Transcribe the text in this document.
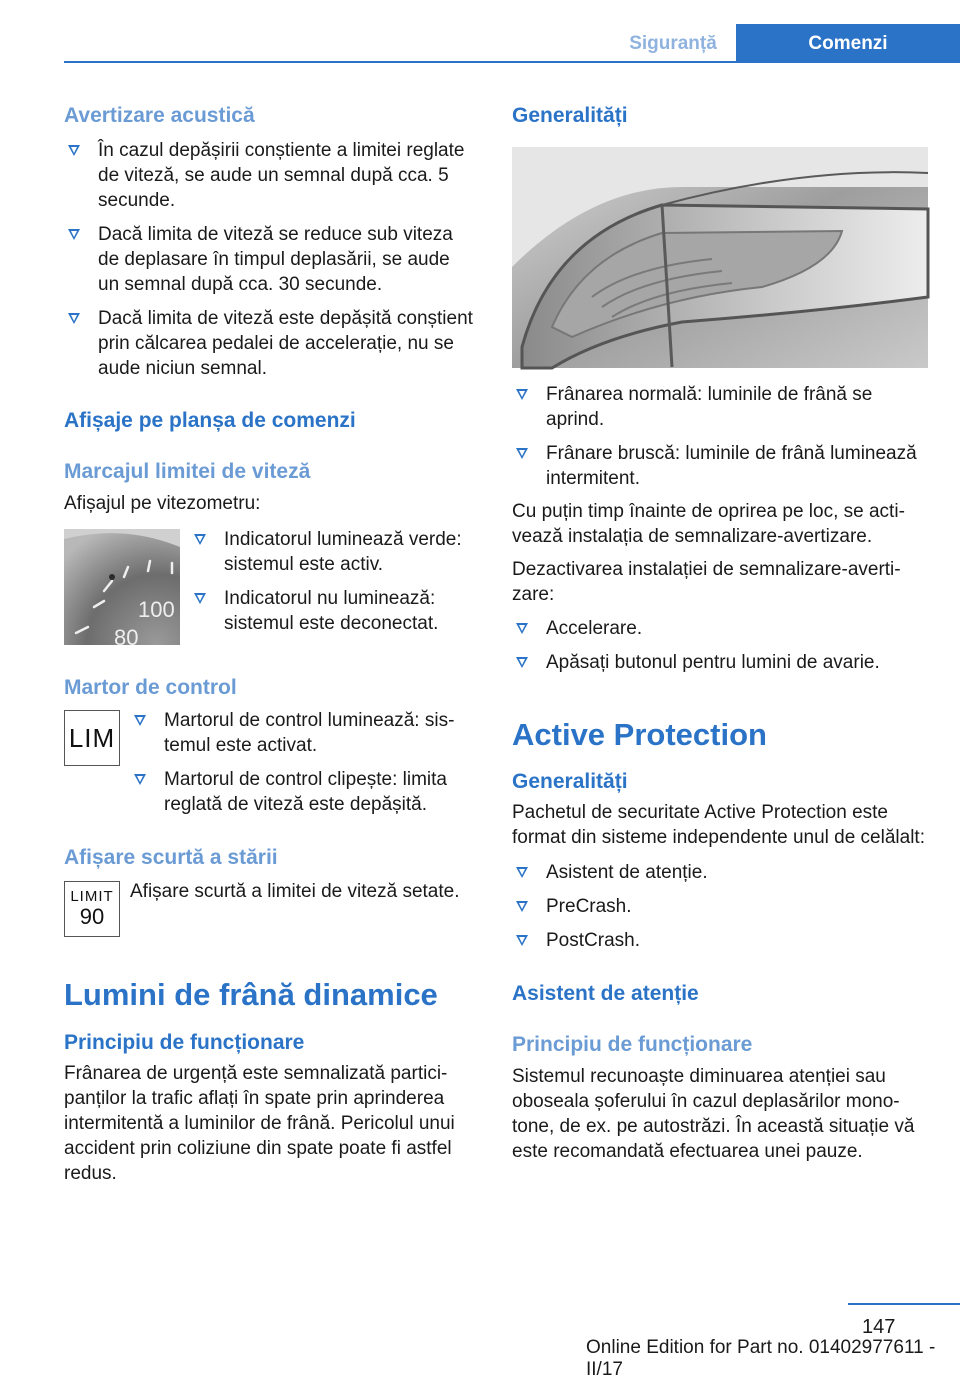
Siguranță	Comenzi
Avertizare acustică
În cazul depășirii conștiente a limitei reglate de viteză, se aude un semnal după cca. 5 secunde.
Dacă limita de viteză se reduce sub viteza de deplasare în timpul deplasării, se aude un semnal după cca. 30 secunde.
Dacă limita de viteză este depășită conștient prin călcarea pedalei de accelerație, nu se aude niciun semnal.
Afișaje pe planșa de comenzi
Marcajul limitei de viteză
Afișajul pe vitezometru:
100
80
Indicatorul luminează verde: sistemul este activ.
Indicatorul nu luminează: sistemul este deconectat.
Martor de control
LIM
Martorul de control luminează: sistemul este activat.
Martorul de control clipește: limita reglată de viteză este depășită.
Afișare scurtă a stării
LIMIT
90
Afișare scurtă a limitei de viteză setate.
Lumini de frână dinamice
Principiu de funcționare
Frânarea de urgență este semnalizată participanților la trafic aflați în spate prin aprinderea intermitentă a luminilor de frână. Pericolul unui accident prin coliziune din spate poate fi astfel redus.
Generalități
Frânarea normală: luminile de frână se aprind.
Frânare bruscă: luminile de frână luminează intermitent.
Cu puțin timp înainte de oprirea pe loc, se activează instalația de semnalizare-avertizare.
Dezactivarea instalației de semnalizare-avertizare:
Accelerare.
Apăsați butonul pentru lumini de avarie.
Active Protection
Generalități
Pachetul de securitate Active Protection este format din sisteme independente unul de celălalt:
Asistent de atenție.
PreCrash.
PostCrash.
Asistent de atenție
Principiu de funcționare
Sistemul recunoaște diminuarea atenției sau oboseala șoferului în cazul deplasărilor monotone, de ex. pe autostrăzi. În această situație vă este recomandată efectuarea unei pauze.
147
Online Edition for Part no. 01402977611 - II/17
